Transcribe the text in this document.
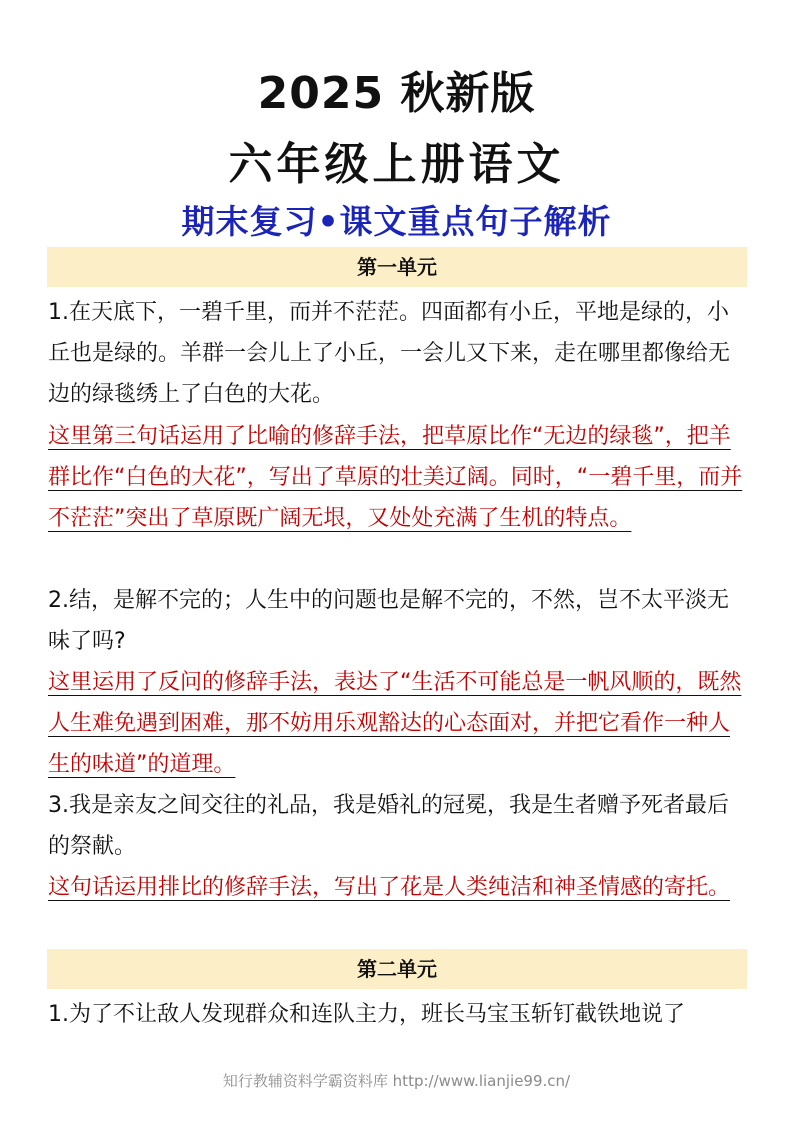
2025 秋新版
六年级上册语文
期末复习•课文重点句子解析
第一单元

1.在天底下，一碧千里，而并不茫茫。四面都有小丘，平地是绿的，小丘也是绿的。羊群一会儿上了小丘，一会儿又下来，走在哪里都像给无边的绿毯绣上了白色的大花。

这里第三句话运用了比喻的修辞手法，把草原比作“无边的绿毯”，把羊群比作“白色的大花”，写出了草原的壮美辽阔。同时，“一碧千里，而并不茫茫”突出了草原既广阔无垠，又处处充满了生机的特点。

2.结，是解不完的；人生中的问题也是解不完的，不然，岂不太平淡无味了吗?

这里运用了反问的修辞手法，表达了“生活不可能总是一帆风顺的，既然人生难免遇到困难，那不妨用乐观豁达的心态面对，并把它看作一种人生的味道”的道理。

3.我是亲友之间交往的礼品，我是婚礼的冠冕，我是生者赠予死者最后的祭献。

这句话运用排比的修辞手法，写出了花是人类纯洁和神圣情感的寄托。

第二单元

1.为了不让敌人发现群众和连队主力，班长马宝玉斩钉截铁地说了

知行教辅资料学霸资料库 http://www.lianjie99.cn/
